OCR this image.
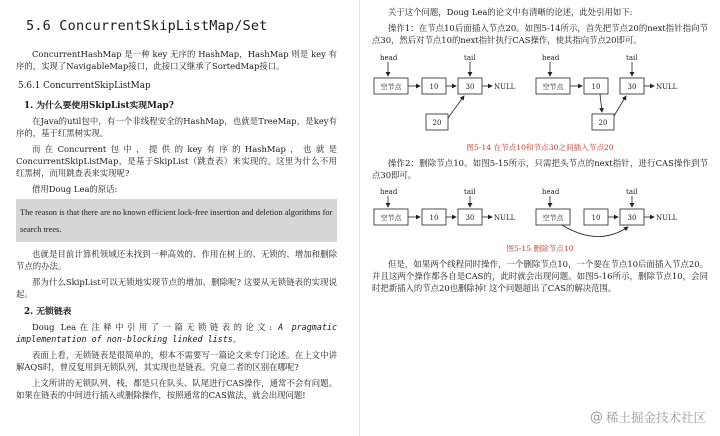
5.6 ConcurrentSkipListMap/Set

ConcurrentHashMap 是一种 key 无序的 HashMap，HashMap 则是 key 有序的，实现了NavigableMap接口，此接口又继承了SortedMap接口。

5.6.1 ConcurrentSkipListMap
1. 为什么要使用SkipList实现Map?

在Java的util包中，有一个非线程安全的HashMap，也就是TreeMap，是key有序的，基于红黑树实现。

而在Concurrent包中，提供的key有序的HashMap，也就是ConcurrentSkipListMap，是基于SkipList（跳查表）来实现的。这里为什么不用红黑树，而用跳查表来实现呢?

借用Doug Lea的原话:

The reason is that there are no known efficient lock-free insertion and deletion algorithms for search trees.

也就是目前计算机领域还未找到一种高效的、作用在树上的、无锁的、增加和删除节点的办法。

那为什么SkipList可以无锁地实现节点的增加、删除呢? 这要从无锁链表的实现说起。

2. 无锁链表

Doug Lea在注释中引用了一篇无锁链表的论文: A pragmatic implementation of non-blocking linked lists。

表面上看，无锁链表是很简单的，根本不需要写一篇论文来专门论述。在上文中讲解AQS时，曾反复用到无锁队列，其实现也是链表。究竟二者的区别在哪呢?

上文所讲的无锁队列、栈，都是只在队头、队尾进行CAS操作，通常不会有问题。如果在链表的中间进行插入或删除操作，按照通常的CAS做法，就会出现问题!

关于这个问题，Doug Lea的论文中有清晰的论述，此处引用如下:

操作1：在节点10后面插入节点20。如图5-14所示，首先把节点20的next指针指向节点30，然后对节点10的next指针执行CAS操作，使其指向节点20即可。

head	tail
空节点	10	30	NULL
20
head	tail
空节点	10	30	NULL
20
图5-14 在节点10和节点30之间插入节点20

操作2：删除节点10。如图5-15所示，只需把头节点的next指针，进行CAS操作到节点30即可。

head	tail
空节点	10	30	NULL
head	tail
空节点	10	30	NULL
图5-15 删除节点10

但是，如果两个线程同时操作，一个删除节点10，一个要在节点10后面插入节点20。并且这两个操作都各自是CAS的，此时就会出现问题。如图5-16所示，删除节点10，会同时把新插入的节点20也删除掉! 这个问题超出了CAS的解决范围。

@ 稀土掘金技术社区
